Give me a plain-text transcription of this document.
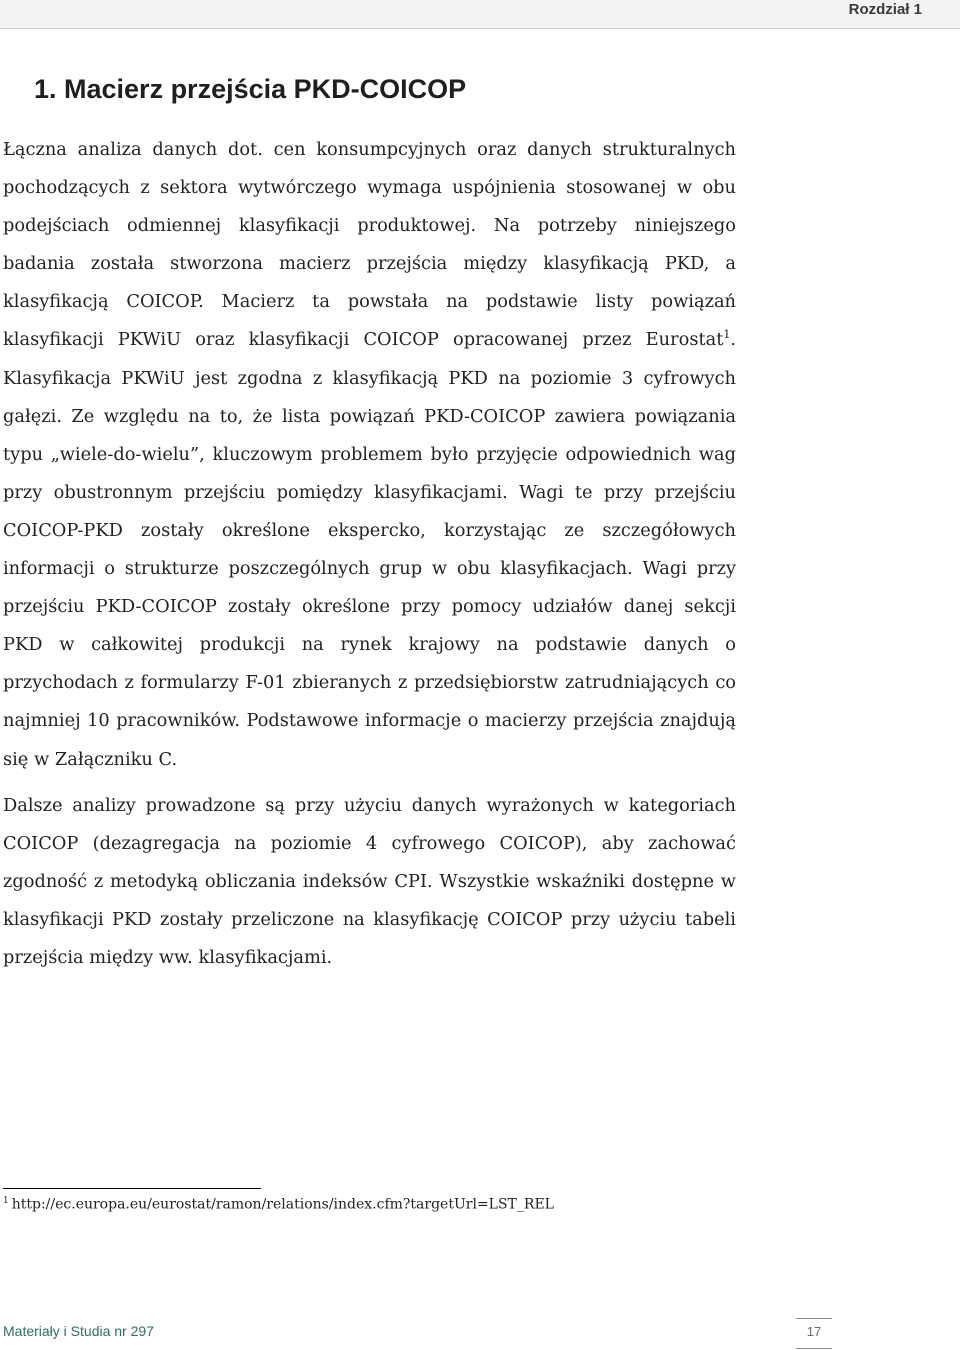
Rozdział 1
1. Macierz przejścia PKD-COICOP

Łączna analiza danych dot. cen konsumpcyjnych oraz danych strukturalnych pochodzących z sektora wytwórczego wymaga uspójnienia stosowanej w obu podejściach odmiennej klasyfikacji produktowej. Na potrzeby niniejszego badania została stworzona macierz przejścia między klasyfikacją PKD, a klasyfikacją COICOP. Macierz ta powstała na podstawie listy powiązań klasyfikacji PKWiU oraz klasyfikacji COICOP opracowanej przez Eurostat$^1$. Klasyfikacja PKWiU jest zgodna z klasyfikacją PKD na poziomie 3 cyfrowych gałęzi. Ze względu na to, że lista powiązań PKD-COICOP zawiera powiązania typu „wiele-do-wielu”, kluczowym problemem było przyjęcie odpowiednich wag przy obustronnym przejściu pomiędzy klasyfikacjami. Wagi te przy przejściu COICOP-PKD zostały określone ekspercko, korzystając ze szczegółowych informacji o strukturze poszczególnych grup w obu klasyfikacjach. Wagi przy przejściu PKD-COICOP zostały określone przy pomocy udziałów danej sekcji PKD w całkowitej produkcji na rynek krajowy na podstawie danych o przychodach z formularzy F-01 zbieranych z przedsiębiorstw zatrudniających co najmniej 10 pracowników. Podstawowe informacje o macierzy przejścia znajdują się w Załączniku C.

Dalsze analizy prowadzone są przy użyciu danych wyrażonych w kategoriach COICOP (dezagregacja na poziomie 4 cyfrowego COICOP), aby zachować zgodność z metodyką obliczania indeksów CPI. Wszystkie wskaźniki dostępne w klasyfikacji PKD zostały przeliczone na klasyfikację COICOP przy użyciu tabeli przejścia między ww. klasyfikacjami.

$^1$ http://ec.europa.eu/eurostat/ramon/relations/index.cfm?targetUrl=LST_REL
Materiały i Studia nr 297	17
